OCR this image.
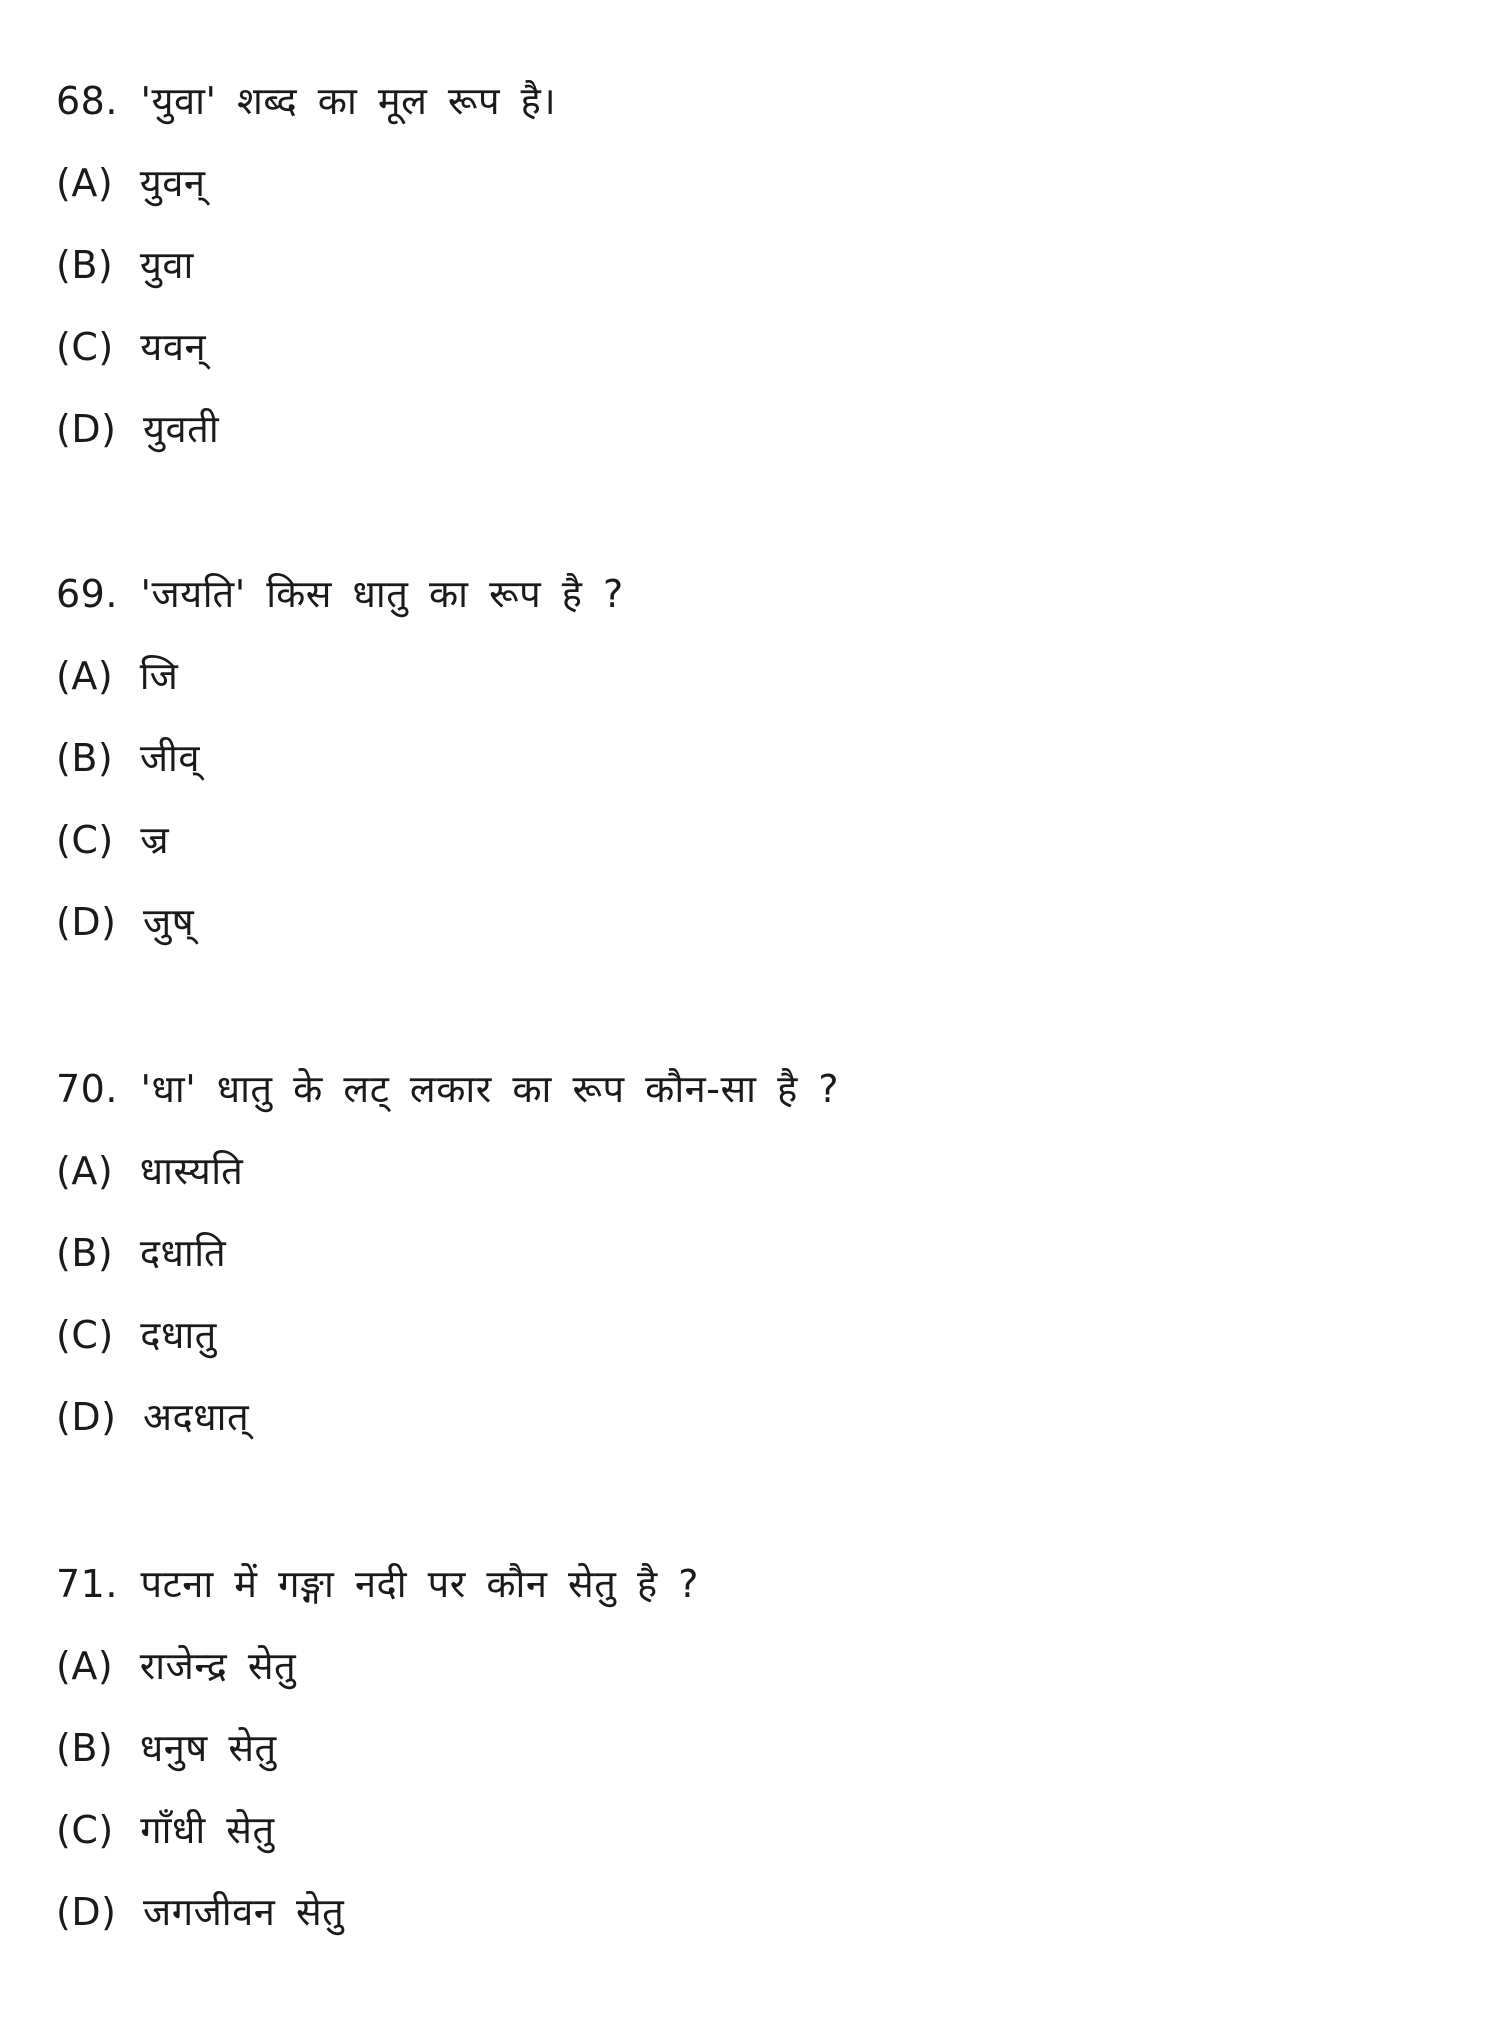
68. 'युवा' शब्द का मूल रूप है।
(A) युवन्
(B) युवा
(C) यवन्
(D) युवती
69. 'जयति' किस धातु का रूप है ?
(A) जि
(B) जीव्
(C) ज्र
(D) जुष्
70. 'धा' धातु के लट् लकार का रूप कौन-सा है ?
(A) धास्यति
(B) दधाति
(C) दधातु
(D) अदधात्
71. पटना में गङ्गा नदी पर कौन सेतु है ?
(A) राजेन्द्र सेतु
(B) धनुष सेतु
(C) गाँधी सेतु
(D) जगजीवन सेतु
